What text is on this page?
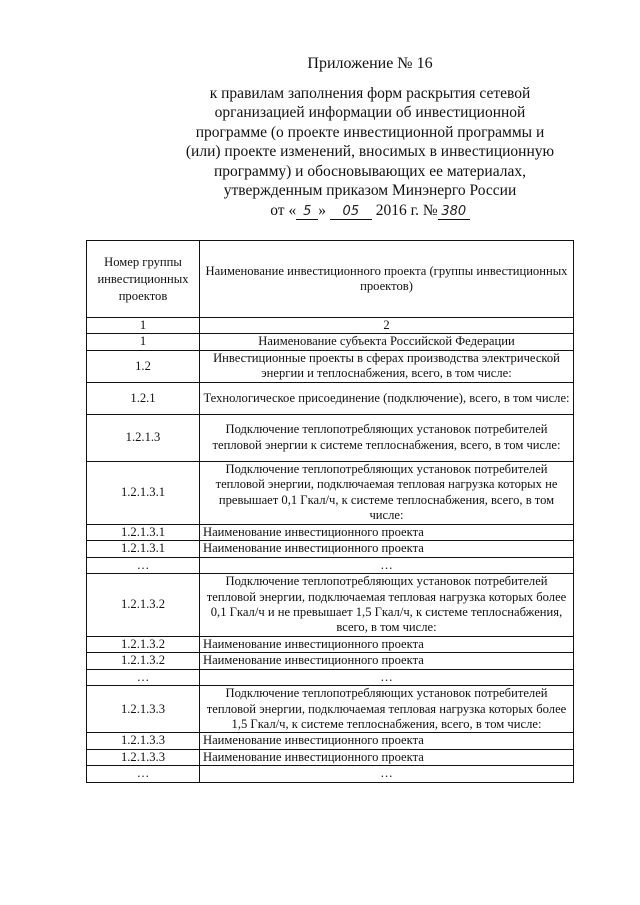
Приложение № 16
к правилам заполнения форм раскрытия сетевой
организацией информации об инвестиционной
программе (о проекте инвестиционной программы и
(или) проекте изменений, вносимых в инвестиционную
программу) и обосновывающих ее материалах,
утвержденным приказом Минэнерго России
от « 5 » 05 2016 г. № 380
Номер группы инвестиционных проектов	Наименование инвестиционного проекта (группы инвестиционных проектов)
1	2
1	Наименование субъекта Российской Федерации
1.2	Инвестиционные проекты в сферах производства электрической энергии и теплоснабжения, всего, в том числе:
1.2.1	Технологическое присоединение (подключение), всего, в том числе:
1.2.1.3	Подключение теплопотребляющих установок потребителей тепловой энергии к системе теплоснабжения, всего, в том числе:
1.2.1.3.1	Подключение теплопотребляющих установок потребителей тепловой энергии, подключаемая тепловая нагрузка которых не превышает 0,1 Гкал/ч, к системе теплоснабжения, всего, в том числе:
1.2.1.3.1	Наименование инвестиционного проекта
1.2.1.3.1	Наименование инвестиционного проекта
…	…
1.2.1.3.2	Подключение теплопотребляющих установок потребителей тепловой энергии, подключаемая тепловая нагрузка которых более 0,1 Гкал/ч и не превышает 1,5 Гкал/ч, к системе теплоснабжения, всего, в том числе:
1.2.1.3.2	Наименование инвестиционного проекта
1.2.1.3.2	Наименование инвестиционного проекта
…	…
1.2.1.3.3	Подключение теплопотребляющих установок потребителей тепловой энергии, подключаемая тепловая нагрузка которых более 1,5 Гкал/ч, к системе теплоснабжения, всего, в том числе:
1.2.1.3.3	Наименование инвестиционного проекта
1.2.1.3.3	Наименование инвестиционного проекта
…	…
